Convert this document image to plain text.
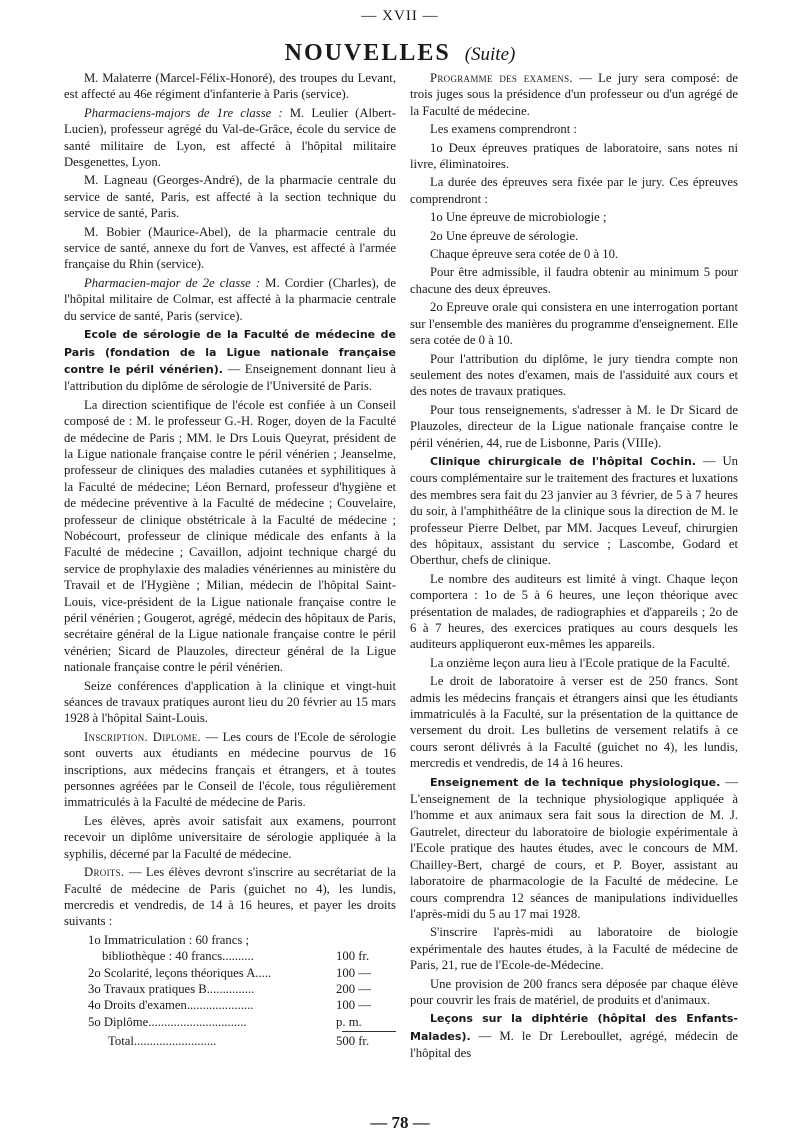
— XVII —
NOUVELLES (Suite)

M. Malaterre (Marcel-Félix-Honoré), des troupes du Levant, est affecté au 46e régiment d'infanterie à Paris (service).

Pharmaciens-majors de 1re classe : M. Leulier (Albert-Lucien), professeur agrégé du Val-de-Grâce, école du service de santé militaire de Lyon, est affecté à l'hôpital militaire Desgenettes, Lyon.

M. Lagneau (Georges-André), de la pharmacie centrale du service de santé, Paris, est affecté à la section technique du service de santé, Paris.

M. Bobier (Maurice-Abel), de la pharmacie centrale du service de santé, annexe du fort de Vanves, est affecté à l'armée française du Rhin (service).

Pharmacien-major de 2e classe : M. Cordier (Charles), de l'hôpital militaire de Colmar, est affecté à la pharmacie centrale du service de santé, Paris (service).

Ecole de sérologie de la Faculté de médecine de Paris (fondation de la Ligue nationale française contre le péril vénérien). — Enseignement donnant lieu à l'attribution du diplôme de sérologie de l'Université de Paris.

La direction scientifique de l'école est confiée à un Conseil composé de : M. le professeur G.-H. Roger, doyen de la Faculté de médecine de Paris ; MM. le Drs Louis Queyrat, président de la Ligue nationale française contre le péril vénérien ; Jeanselme, professeur de cliniques des maladies cutanées et syphilitiques à la Faculté de médecine; Léon Bernard, professeur d'hygiène et de médecine préventive à la Faculté de médecine ; Couvelaire, professeur de clinique obstétricale à la Faculté de médecine ; Nobécourt, professeur de clinique médicale des enfants à la Faculté de médecine ; Cavaillon, adjoint technique chargé du service de prophylaxie des maladies vénériennes au ministère du Travail et de l'Hygiène ; Milian, médecin de l'hôpital Saint-Louis, vice-président de la Ligue nationale française contre le péril vénérien ; Gougerot, agrégé, médecin des hôpitaux de Paris, secrétaire général de la Ligue nationale française contre le péril vénérien; Sicard de Plauzoles, directeur général de la Ligue nationale française contre le péril vénérien.

Seize conférences d'application à la clinique et vingt-huit séances de travaux pratiques auront lieu du 20 février au 15 mars 1928 à l'hôpital Saint-Louis.

Inscription. Diplome. — Les cours de l'Ecole de sérologie sont ouverts aux étudiants en médecine pourvus de 16 inscriptions, aux médecins français et étrangers, et à toutes personnes agréées par le Conseil de l'école, tous régulièrement immatriculés à la Faculté de médecine de Paris.

Les élèves, après avoir satisfait aux examens, pourront recevoir un diplôme universitaire de sérologie appliquée à la syphilis, décerné par la Faculté de médecine.

Droits. — Les élèves devront s'inscrire au secrétariat de la Faculté de médecine de Paris (guichet no 4), les lundis, mercredis et vendredis, de 14 à 16 heures, et payer les droits suivants :

1o Immatriculation : 60 francs ;
bibliothèque : 40 francs..........	100 fr.
2o Scolarité, leçons théoriques A.....	100 —
3o Travaux pratiques B...............	200 —
4o Droits d'examen.....................	100 —
5o Diplôme...............................	p. m.
Total..........................	500 fr.

Programme des examens. — Le jury sera composé: de trois juges sous la présidence d'un professeur ou d'un agrégé de la Faculté de médecine.

Les examens comprendront :

1o Deux épreuves pratiques de laboratoire, sans notes ni livre, éliminatoires.

La durée des épreuves sera fixée par le jury. Ces épreuves comprendront :

1o Une épreuve de microbiologie ;

2o Une épreuve de sérologie.

Chaque épreuve sera cotée de 0 à 10.

Pour être admissible, il faudra obtenir au minimum 5 pour chacune des deux épreuves.

2o Epreuve orale qui consistera en une interrogation portant sur l'ensemble des manières du programme d'enseignement. Elle sera cotée de 0 à 10.

Pour l'attribution du diplôme, le jury tiendra compte non seulement des notes d'examen, mais de l'assiduité aux cours et des notes de travaux pratiques.

Pour tous renseignements, s'adresser à M. le Dr Sicard de Plauzoles, directeur de la Ligue nationale française contre le péril vénérien, 44, rue de Lisbonne, Paris (VIIIe).

Clinique chirurgicale de l'hôpital Cochin. — Un cours complémentaire sur le traitement des fractures et luxations des membres sera fait du 23 janvier au 3 février, de 5 à 7 heures du soir, à l'amphithéâtre de la clinique sous la direction de M. le professeur Pierre Delbet, par MM. Jacques Leveuf, chirurgien des hôpitaux, assistant du service ; Lascombe, Godard et Oberthur, chefs de clinique.

Le nombre des auditeurs est limité à vingt. Chaque leçon comportera : 1o de 5 à 6 heures, une leçon théorique avec présentation de malades, de radiographies et d'appareils ; 2o de 6 à 7 heures, des exercices pratiques au cours desquels les auditeurs appliqueront eux-mêmes les appareils.

La onzième leçon aura lieu à l'Ecole pratique de la Faculté.

Le droit de laboratoire à verser est de 250 francs. Sont admis les médecins français et étrangers ainsi que les étudiants immatriculés à la Faculté, sur la présentation de la quittance de versement du droit. Les bulletins de versement relatifs à ce cours seront délivrés à la Faculté (guichet no 4), les lundis, mercredis et vendredis, de 14 à 16 heures.

Enseignement de la technique physiologique. — L'enseignement de la technique physiologique appliquée à l'homme et aux animaux sera fait sous la direction de M. J. Gautrelet, directeur du laboratoire de biologie expérimentale à l'Ecole pratique des hautes études, avec le concours de MM. Chailley-Bert, chargé de cours, et P. Boyer, assistant au laboratoire de pharmacologie de la Faculté de médecine. Le cours comprendra 12 séances de manipulations individuelles l'après-midi du 5 au 17 mai 1928.

S'inscrire l'après-midi au laboratoire de biologie expérimentale des hautes études, à la Faculté de médecine de Paris, 21, rue de l'Ecole-de-Médecine.

Une provision de 200 francs sera déposée par chaque élève pour couvrir les frais de matériel, de produits et d'animaux.

Leçons sur la diphtérie (hôpital des Enfants-Malades). — M. le Dr Lereboullet, agrégé, médecin de l'hôpital des

— 78 —
